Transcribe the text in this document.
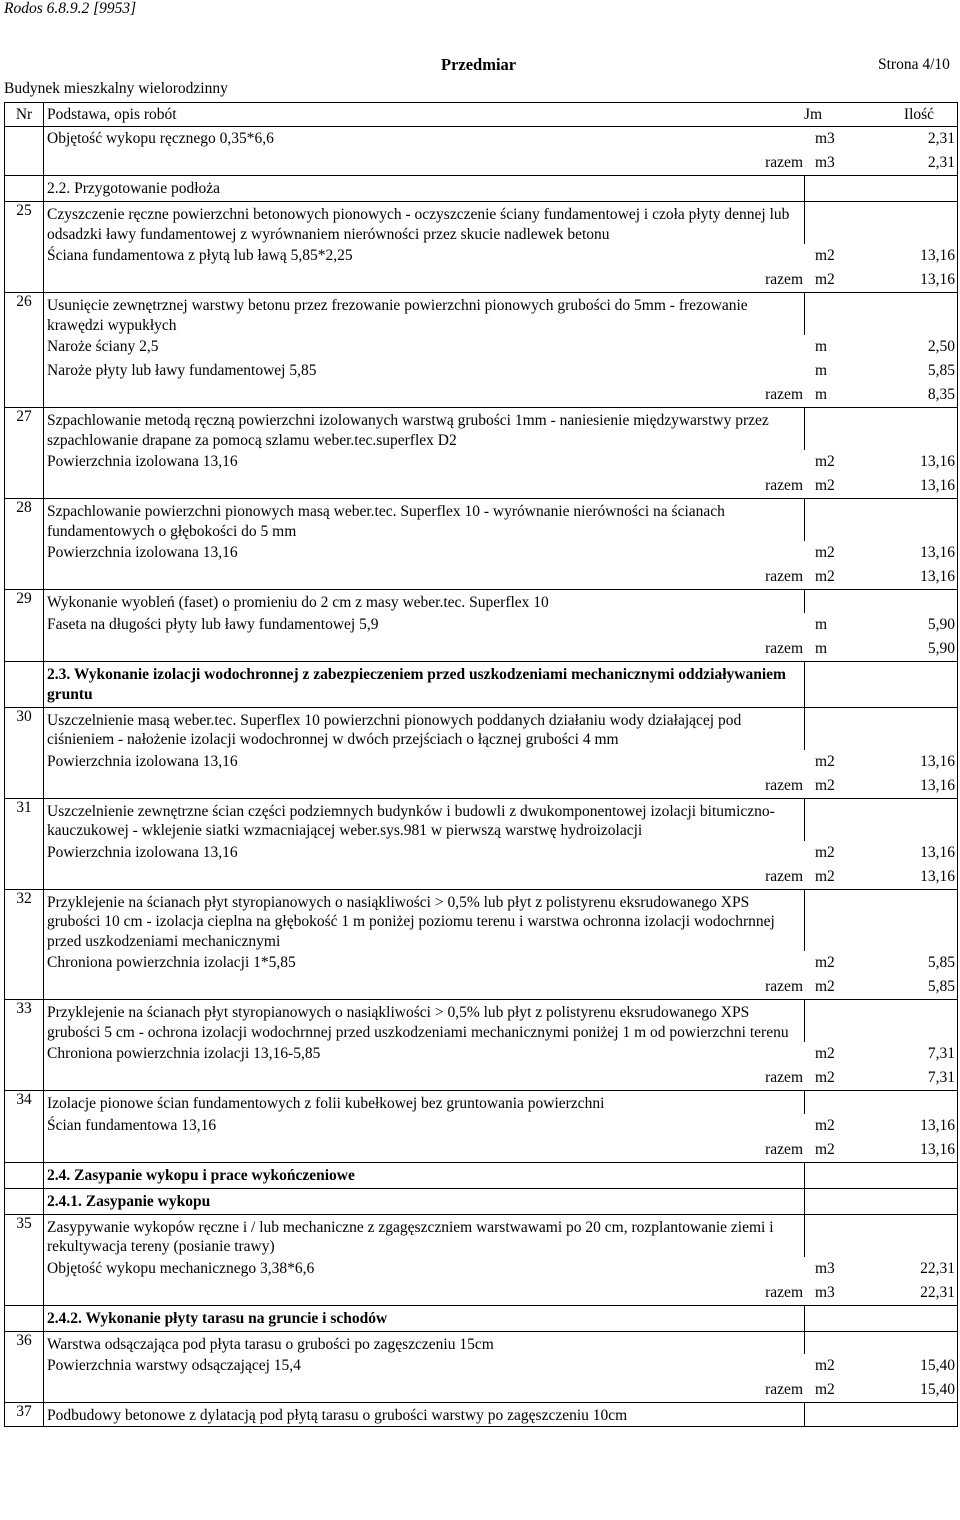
Rodos 6.8.9.2 [9953]
Przedmiar	Strona 4/10
Budynek mieszkalny wielorodzinny
Nr Podstawa, opis robót	Jm	Ilość
Objętość wykopu ręcznego 0,35*6,6	m3	2,31
razem m3	2,31
2.2. Przygotowanie podłoża
25 Czyszczenie ręczne powierzchni betonowych pionowych - oczyszczenie ściany fundamentowej i czoła płyty dennej lub odsadzki ławy fundamentowej z wyrównaniem nierówności przez skucie nadlewek betonu
Ściana fundamentowa z płytą lub ławą 5,85*2,25	m2	13,16
razem m2	13,16
26 Usunięcie zewnętrznej warstwy betonu przez frezowanie powierzchni pionowych grubości do 5mm - frezowanie krawędzi wypukłych
Naroże ściany 2,5	m	2,50
Naroże płyty lub ławy fundamentowej 5,85	m	5,85
razem m	8,35
27 Szpachlowanie metodą ręczną powierzchni izolowanych warstwą grubości 1mm - naniesienie międzywarstwy przez szpachlowanie drapane za pomocą szlamu weber.tec.superflex D2
Powierzchnia izolowana 13,16	m2	13,16
razem m2	13,16
28 Szpachlowanie powierzchni pionowych masą weber.tec. Superflex 10 - wyrównanie nierówności na ścianach fundamentowych o głębokości do 5 mm
Powierzchnia izolowana 13,16	m2	13,16
razem m2	13,16
29 Wykonanie wyobleń (faset) o promieniu do 2 cm z masy weber.tec. Superflex 10
Faseta na długości płyty lub ławy fundamentowej 5,9	m	5,90
razem m	5,90
2.3. Wykonanie izolacji wodochronnej z zabezpieczeniem przed uszkodzeniami mechanicznymi oddziaływaniem gruntu
30 Uszczelnienie masą weber.tec. Superflex 10 powierzchni pionowych poddanych działaniu wody działającej pod ciśnieniem - nałożenie izolacji wodochronnej w dwóch przejściach o łącznej grubości 4 mm
Powierzchnia izolowana 13,16	m2	13,16
razem m2	13,16
31 Uszczelnienie zewnętrzne ścian części podziemnych budynków i budowli z dwukomponentowej izolacji bitumiczno-kauczukowej - wklejenie siatki wzmacniającej weber.sys.981 w pierwszą warstwę hydroizolacji
Powierzchnia izolowana 13,16	m2	13,16
razem m2	13,16
32 Przyklejenie na ścianach płyt styropianowych o nasiąkliwości > 0,5% lub płyt z polistyrenu eksrudowanego XPS grubości 10 cm - izolacja cieplna na głębokość 1 m poniżej poziomu terenu i warstwa ochronna izolacji wodochrnnej przed uszkodzeniami mechanicznymi
Chroniona powierzchnia izolacji 1*5,85	m2	5,85
razem m2	5,85
33 Przyklejenie na ścianach płyt styropianowych o nasiąkliwości > 0,5% lub płyt z polistyrenu eksrudowanego XPS grubości 5 cm - ochrona izolacji wodochrnnej przed uszkodzeniami mechanicznymi poniżej 1 m od powierzchni terenu
Chroniona powierzchnia izolacji 13,16-5,85	m2	7,31
razem m2	7,31
34 Izolacje pionowe ścian fundamentowych z folii kubełkowej bez gruntowania powierzchni
Ścian fundamentowa 13,16	m2	13,16
razem m2	13,16
2.4. Zasypanie wykopu i prace wykończeniowe
2.4.1. Zasypanie wykopu
35 Zasypywanie wykopów ręczne i / lub mechaniczne z zgagęszczniem warstwawami po 20 cm, rozplantowanie ziemi i rekultywacja tereny (posianie trawy)
Objętość wykopu mechanicznego 3,38*6,6	m3	22,31
razem m3	22,31
2.4.2. Wykonanie płyty tarasu na gruncie i schodów
36 Warstwa odsączająca pod płyta tarasu o grubości po zagęszczeniu 15cm
Powierzchnia warstwy odsączającej 15,4	m2	15,40
razem m2	15,40
37 Podbudowy betonowe z dylatacją pod płytą tarasu o grubości warstwy po zagęszczeniu 10cm
